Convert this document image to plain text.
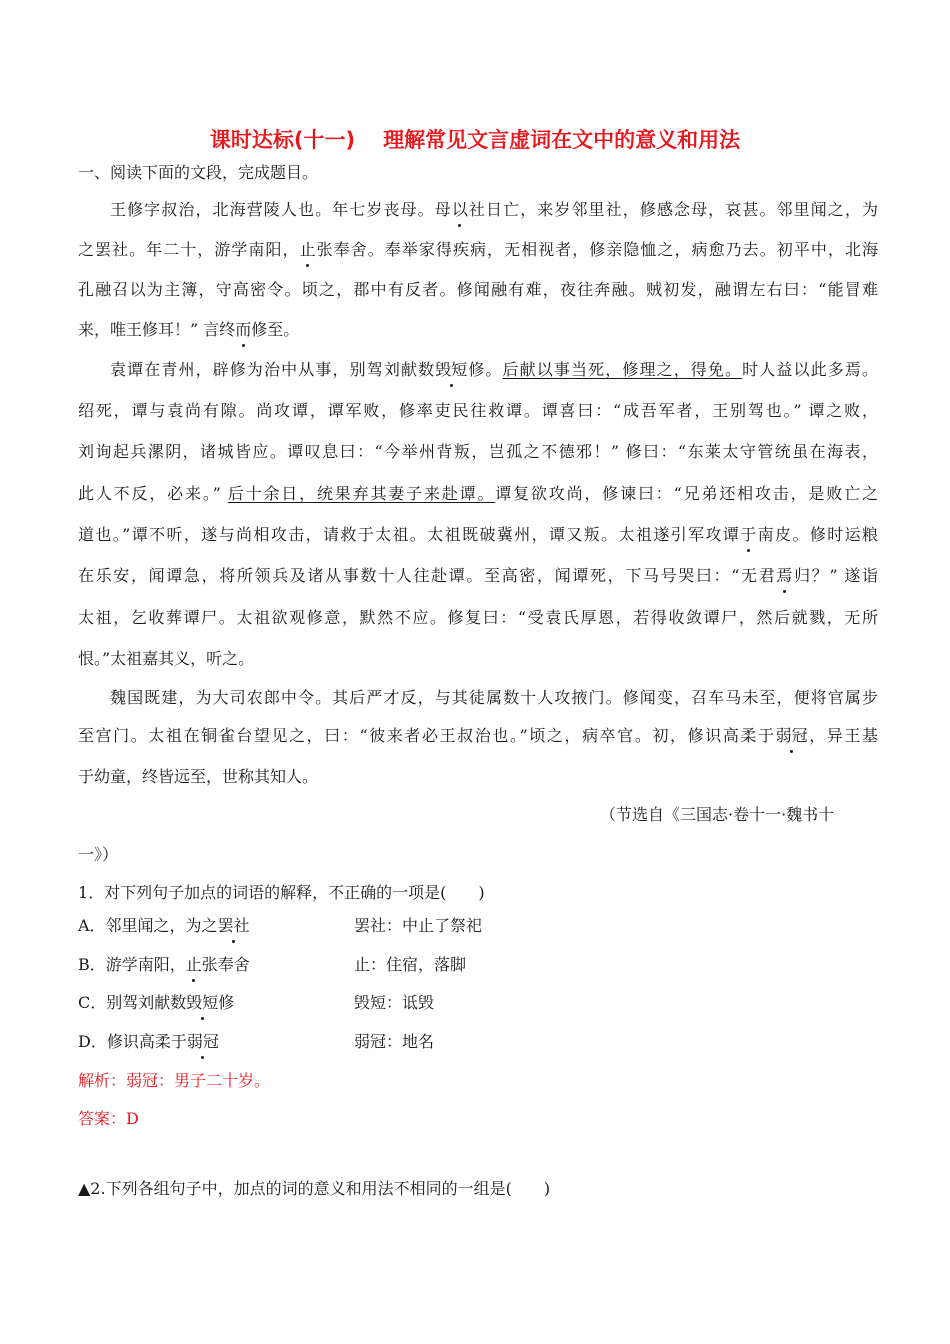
课时达标(十一) 理解常见文言虚词在文中的意义和用法
一、阅读下面的文段，完成题目。
王修字叔治，北海营陵人也。年七岁丧母。母以社日亡，来岁邻里社，修感念母，哀甚。邻里闻之，为
之罢社。年二十，游学南阳，止张奉舍。奉举家得疾病，无相视者，修亲隐恤之，病愈乃去。初平中，北海
孔融召以为主簿，守高密令。顷之，郡中有反者。修闻融有难，夜往奔融。贼初发，融谓左右曰：“能冒难
来，唯王修耳！” 言终而修至。
袁谭在青州，辟修为治中从事，别驾刘献数毁短修。后献以事当死，修理之，得免。时人益以此多焉。
绍死，谭与袁尚有隙。尚攻谭，谭军败，修率吏民往救谭。谭喜曰：“成吾军者，王别驾也。” 谭之败，
刘询起兵漯阴，诸城皆应。谭叹息曰：“今举州背叛，岂孤之不德邪！” 修曰：“东莱太守管统虽在海表，
此人不反，必来。” 后十余日，统果弃其妻子来赴谭。谭复欲攻尚，修谏曰：“兄弟还相攻击，是败亡之
道也。”谭不听，遂与尚相攻击，请救于太祖。太祖既破冀州，谭又叛。太祖遂引军攻谭于南皮。修时运粮
在乐安，闻谭急，将所领兵及诸从事数十人往赴谭。至高密，闻谭死，下马号哭曰：“无君焉归？” 遂诣
太祖，乞收葬谭尸。太祖欲观修意，默然不应。修复曰：“受袁氏厚恩，若得收敛谭尸，然后就戮，无所
恨。”太祖嘉其义，听之。
魏国既建，为大司农郎中令。其后严才反，与其徒属数十人攻掖门。修闻变，召车马未至，便将官属步
至宫门。太祖在铜雀台望见之，曰：“彼来者必王叔治也。”顷之，病卒官。初，修识高柔于弱冠，异王基
于幼童，终皆远至，世称其知人。
（节选自《三国志·卷十一·魏书十
一》）
1．对下列句子加点的词语的解释，不正确的一项是(　　)
A．邻里闻之，为之罢社	罢社：中止了祭祀
B．游学南阳，止张奉舍	止：住宿，落脚
C．别驾刘献数毁短修	毁短：诋毁
D．修识高柔于弱冠	弱冠：地名
解析：弱冠：男子二十岁。
答案：D
▲2.下列各组句子中，加点的词的意义和用法不相同的一组是(　　)
